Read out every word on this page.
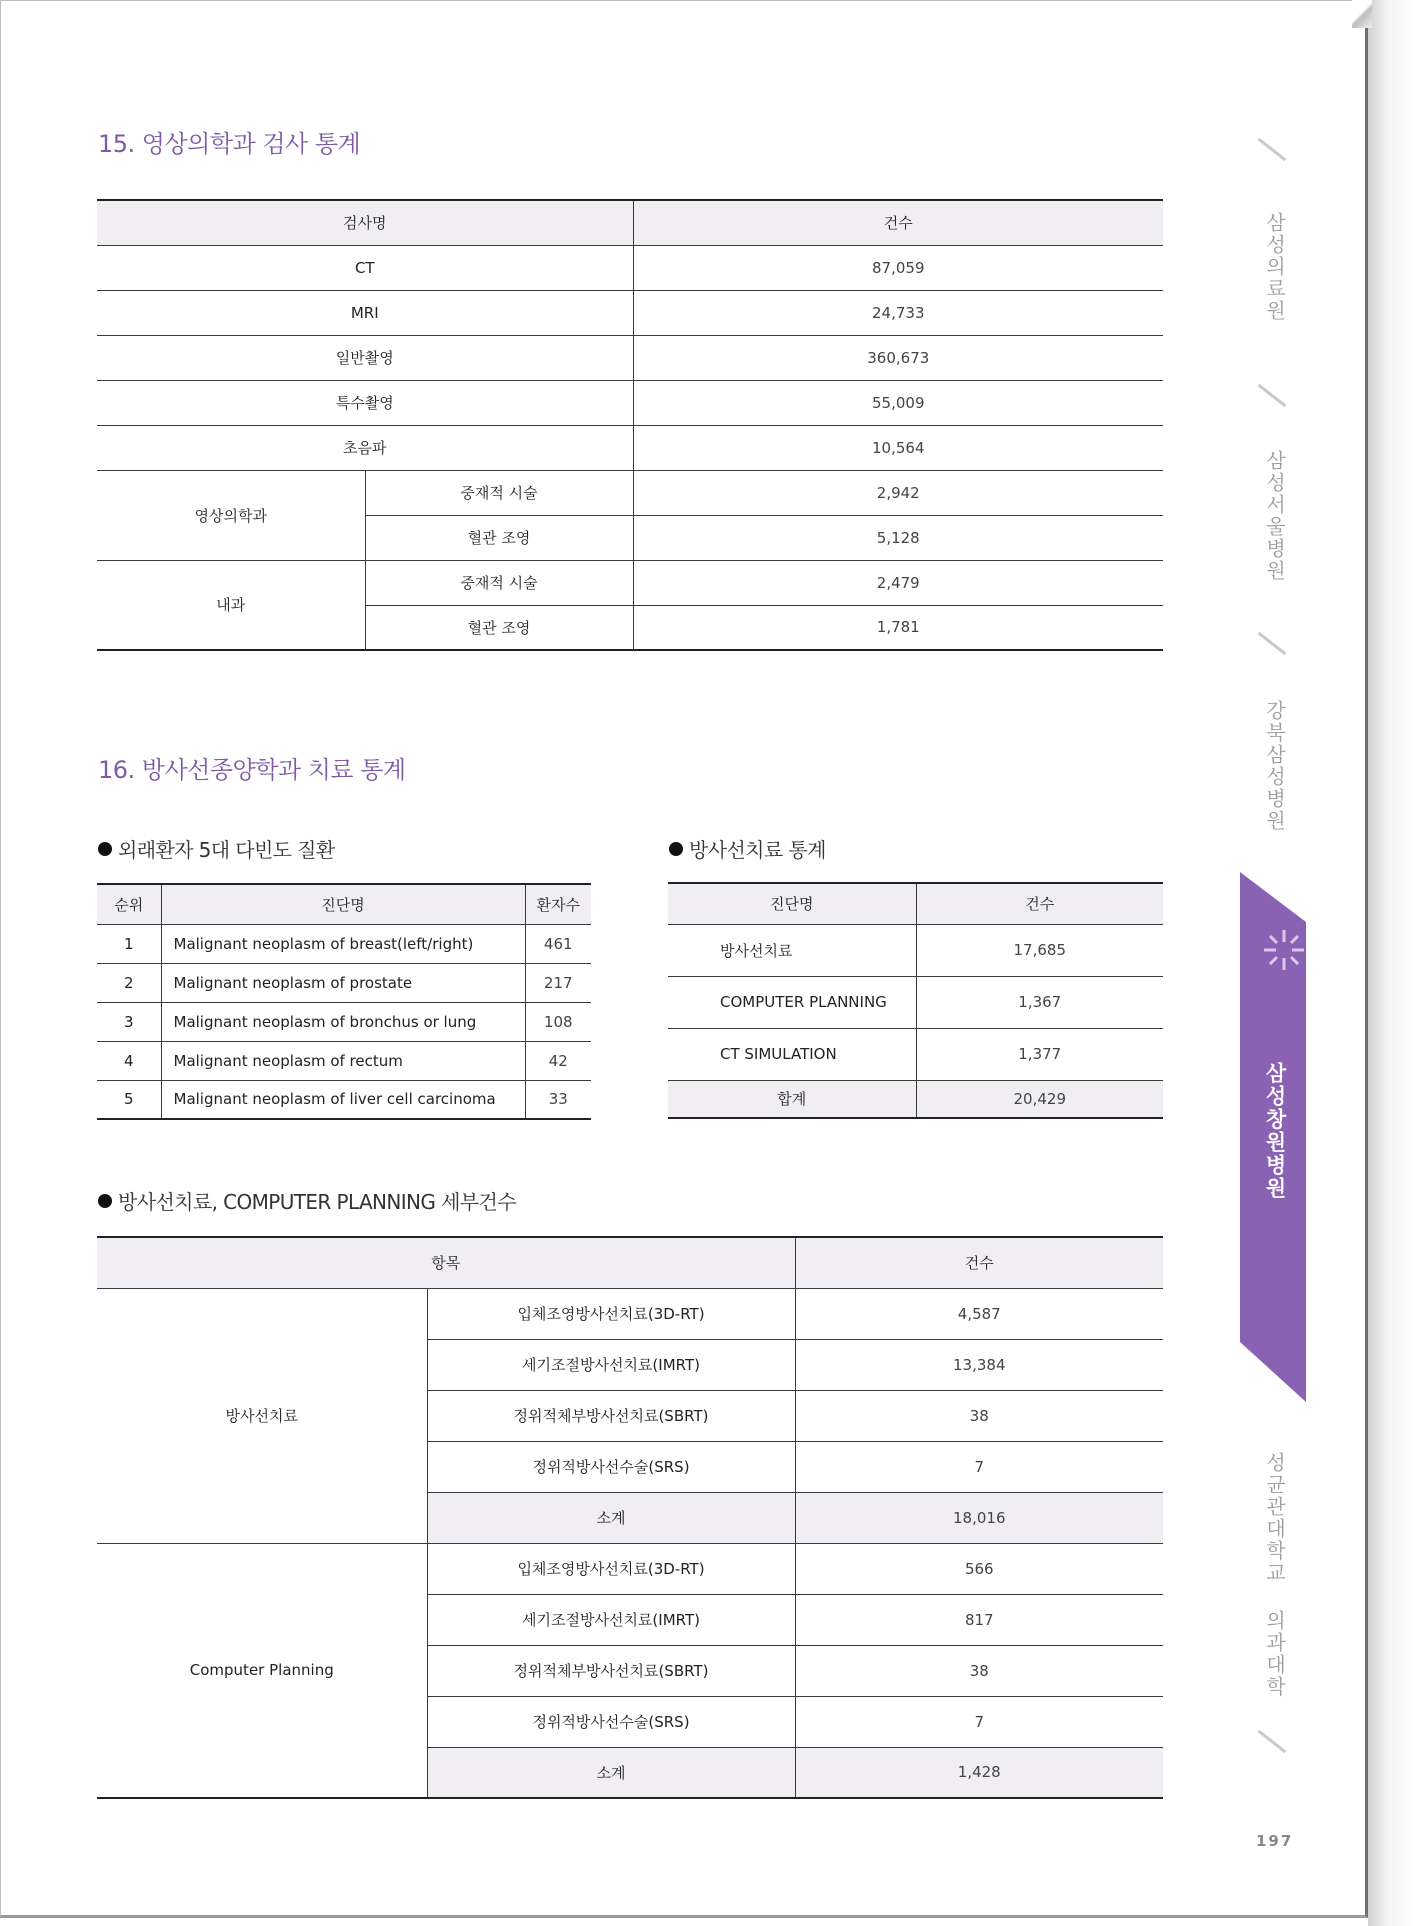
15. 영상의학과 검사 통계
검사명		건수
CT		87,059
MRI		24,733
일반촬영		360,673
특수촬영		55,009
초음파		10,564
영상의학과	중재적 시술	2,942
	혈관 조영	5,128
내과	중재적 시술	2,479
	혈관 조영	1,781
16. 방사선종양학과 치료 통계
외래환자 5대 다빈도 질환
순위	진단명	환자수
1	Malignant neoplasm of breast(left/right)	461
2	Malignant neoplasm of prostate	217
3	Malignant neoplasm of bronchus or lung	108
4	Malignant neoplasm of rectum	42
5	Malignant neoplasm of liver cell carcinoma	33
방사선치료 통계
진단명	건수
방사선치료	17,685
COMPUTER PLANNING	1,367
CT SIMULATION	1,377
합계	20,429
방사선치료, COMPUTER PLANNING 세부건수
항목		건수
방사선치료	입체조영방사선치료(3D-RT)	4,587
	세기조절방사선치료(IMRT)	13,384
	정위적체부방사선치료(SBRT)	38
	정위적방사선수술(SRS)	7
	소계	18,016
Computer Planning	입체조영방사선치료(3D-RT)	566
	세기조절방사선치료(IMRT)	817
	정위적체부방사선치료(SBRT)	38
	정위적방사선수술(SRS)	7
	소계	1,428
삼성의료원
삼성서울병원
강북삼성병원
삼성창원병원
성균관대학교 의과대학
197
